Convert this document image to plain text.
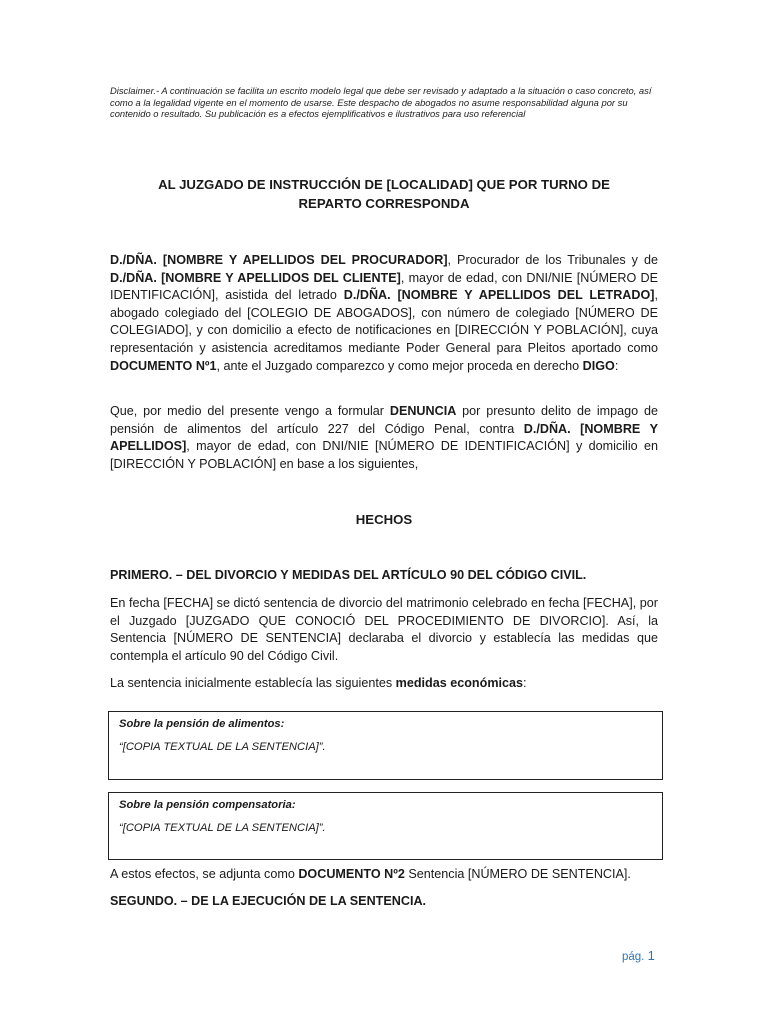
Disclaimer.- A continuación se facilita un escrito modelo legal que debe ser revisado y adaptado a la situación o caso concreto, así como a la legalidad vigente en el momento de usarse. Este despacho de abogados no asume responsabilidad alguna por su contenido o resultado. Su publicación es a efectos ejemplificativos e ilustrativos para uso referencial
AL JUZGADO DE INSTRUCCIÓN DE [LOCALIDAD] QUE POR TURNO DE
REPARTO CORRESPONDA
D./DÑA. [NOMBRE Y APELLIDOS DEL PROCURADOR], Procurador de los Tribunales y de D./DÑA. [NOMBRE Y APELLIDOS DEL CLIENTE], mayor de edad, con DNI/NIE [NÚMERO DE IDENTIFICACIÓN], asistida del letrado D./DÑA. [NOMBRE Y APELLIDOS DEL LETRADO], abogado colegiado del [COLEGIO DE ABOGADOS], con número de colegiado [NÚMERO DE COLEGIADO], y con domicilio a efecto de notificaciones en [DIRECCIÓN Y POBLACIÓN], cuya representación y asistencia acreditamos mediante Poder General para Pleitos aportado como DOCUMENTO Nº1, ante el Juzgado comparezco y como mejor proceda en derecho DIGO:
Que, por medio del presente vengo a formular DENUNCIA por presunto delito de impago de pensión de alimentos del artículo 227 del Código Penal, contra D./DÑA. [NOMBRE Y APELLIDOS], mayor de edad, con DNI/NIE [NÚMERO DE IDENTIFICACIÓN] y domicilio en [DIRECCIÓN Y POBLACIÓN] en base a los siguientes,
HECHOS
PRIMERO. – DEL DIVORCIO Y MEDIDAS DEL ARTÍCULO 90 DEL CÓDIGO CIVIL.
En fecha [FECHA] se dictó sentencia de divorcio del matrimonio celebrado en fecha [FECHA], por el Juzgado [JUZGADO QUE CONOCIÓ DEL PROCEDIMIENTO DE DIVORCIO]. Así, la Sentencia [NÚMERO DE SENTENCIA] declaraba el divorcio y establecía las medidas que contempla el artículo 90 del Código Civil.
La sentencia inicialmente establecía las siguientes medidas económicas:
Sobre la pensión de alimentos:
“[COPIA TEXTUAL DE LA SENTENCIA]”.
Sobre la pensión compensatoria:
“[COPIA TEXTUAL DE LA SENTENCIA]”.
A estos efectos, se adjunta como DOCUMENTO Nº2 Sentencia [NÚMERO DE SENTENCIA].
SEGUNDO. – DE LA EJECUCIÓN DE LA SENTENCIA.
pág. 1
